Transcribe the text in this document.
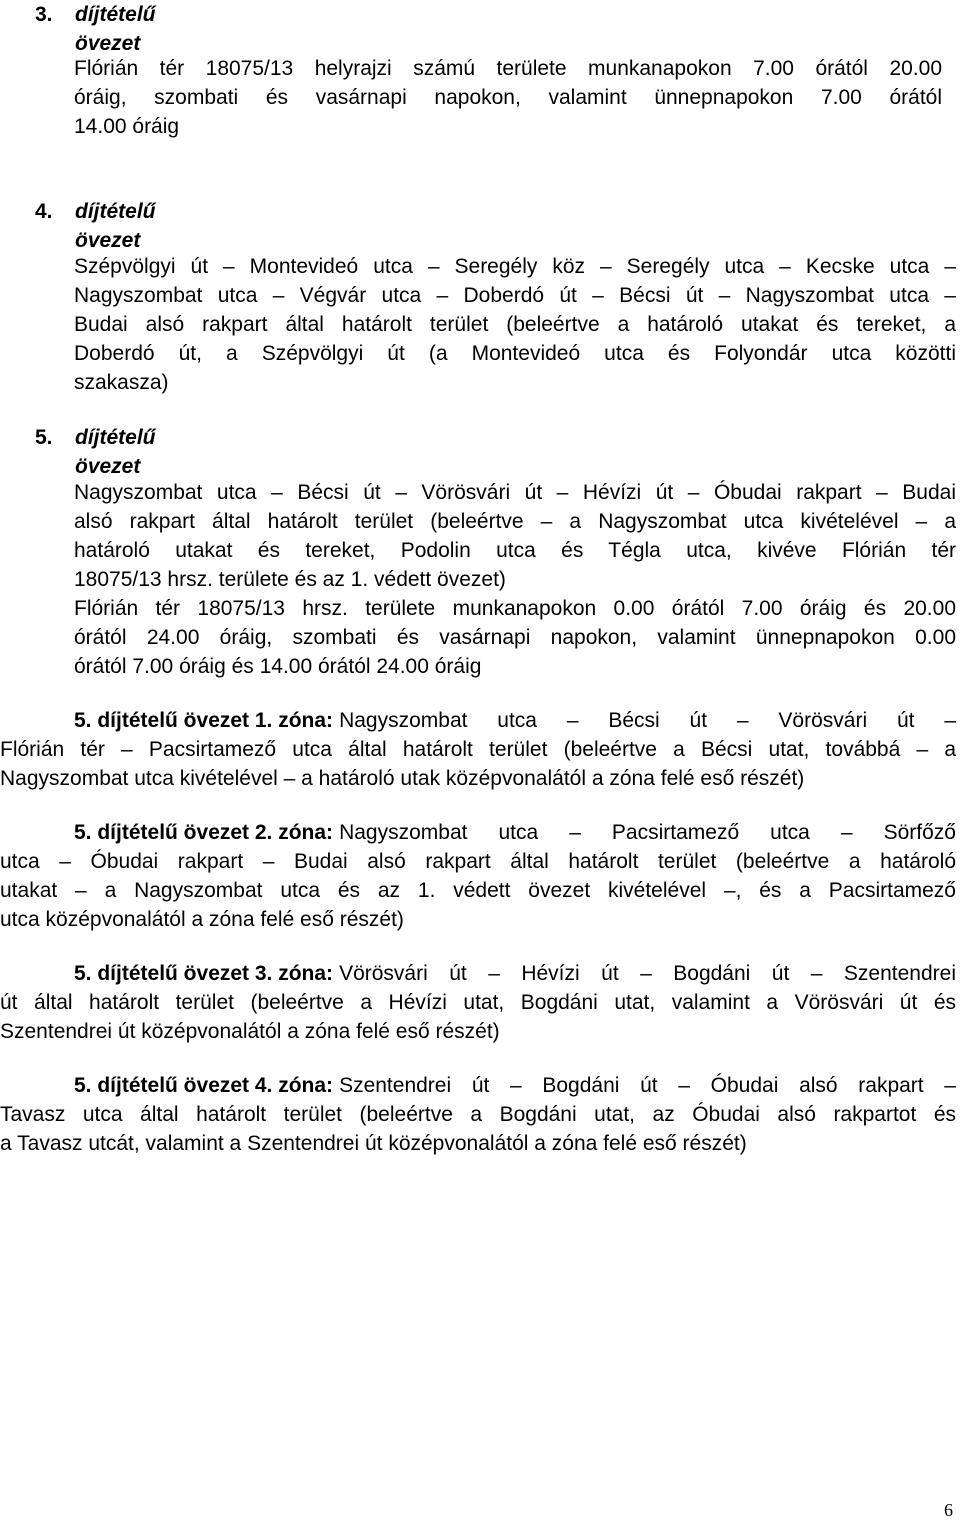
3. díjtételű övezet
Flórián tér 18075/13 helyrajzi számú területe munkanapokon 7.00 órától 20.00
óráig, szombati és vasárnapi napokon, valamint ünnepnapokon 7.00 órától
14.00 óráig
4. díjtételű övezet
Szépvölgyi út – Montevideó utca – Seregély köz – Seregély utca – Kecske utca –
Nagyszombat utca – Végvár utca – Doberdó út – Bécsi út – Nagyszombat utca –
Budai alsó rakpart által határolt terület (beleértve a határoló utakat és tereket, a
Doberdó út, a Szépvölgyi út (a Montevideó utca és Folyondár utca közötti
szakasza)
5. díjtételű övezet
Nagyszombat utca – Bécsi út – Vörösvári út – Hévízi út – Óbudai rakpart – Budai
alsó rakpart által határolt terület (beleértve – a Nagyszombat utca kivételével – a
határoló utakat és tereket, Podolin utca és Tégla utca, kivéve Flórián tér
18075/13 hrsz. területe és az 1. védett övezet)
Flórián tér 18075/13 hrsz. területe munkanapokon 0.00 órától 7.00 óráig és 20.00
órától 24.00 óráig, szombati és vasárnapi napokon, valamint ünnepnapokon 0.00
órától 7.00 óráig és 14.00 órától 24.00 óráig
5. díjtételű övezet 1. zóna: Nagyszombat utca – Bécsi út – Vörösvári út –
Flórián tér – Pacsirtamező utca által határolt terület (beleértve a Bécsi utat, továbbá – a
Nagyszombat utca kivételével – a határoló utak középvonalától a zóna felé eső részét)
5. díjtételű övezet 2. zóna: Nagyszombat utca – Pacsirtamező utca – Sörfőző
utca – Óbudai rakpart – Budai alsó rakpart által határolt terület (beleértve a határoló
utakat – a Nagyszombat utca és az 1. védett övezet kivételével –, és a Pacsirtamező
utca középvonalától a zóna felé eső részét)
5. díjtételű övezet 3. zóna: Vörösvári út – Hévízi út – Bogdáni út – Szentendrei
út által határolt terület (beleértve a Hévízi utat, Bogdáni utat, valamint a Vörösvári út és
Szentendrei út középvonalától a zóna felé eső részét)
5. díjtételű övezet 4. zóna: Szentendrei út – Bogdáni út – Óbudai alsó rakpart –
Tavasz utca által határolt terület (beleértve a Bogdáni utat, az Óbudai alsó rakpartot és
a Tavasz utcát, valamint a Szentendrei út középvonalától a zóna felé eső részét)
6
